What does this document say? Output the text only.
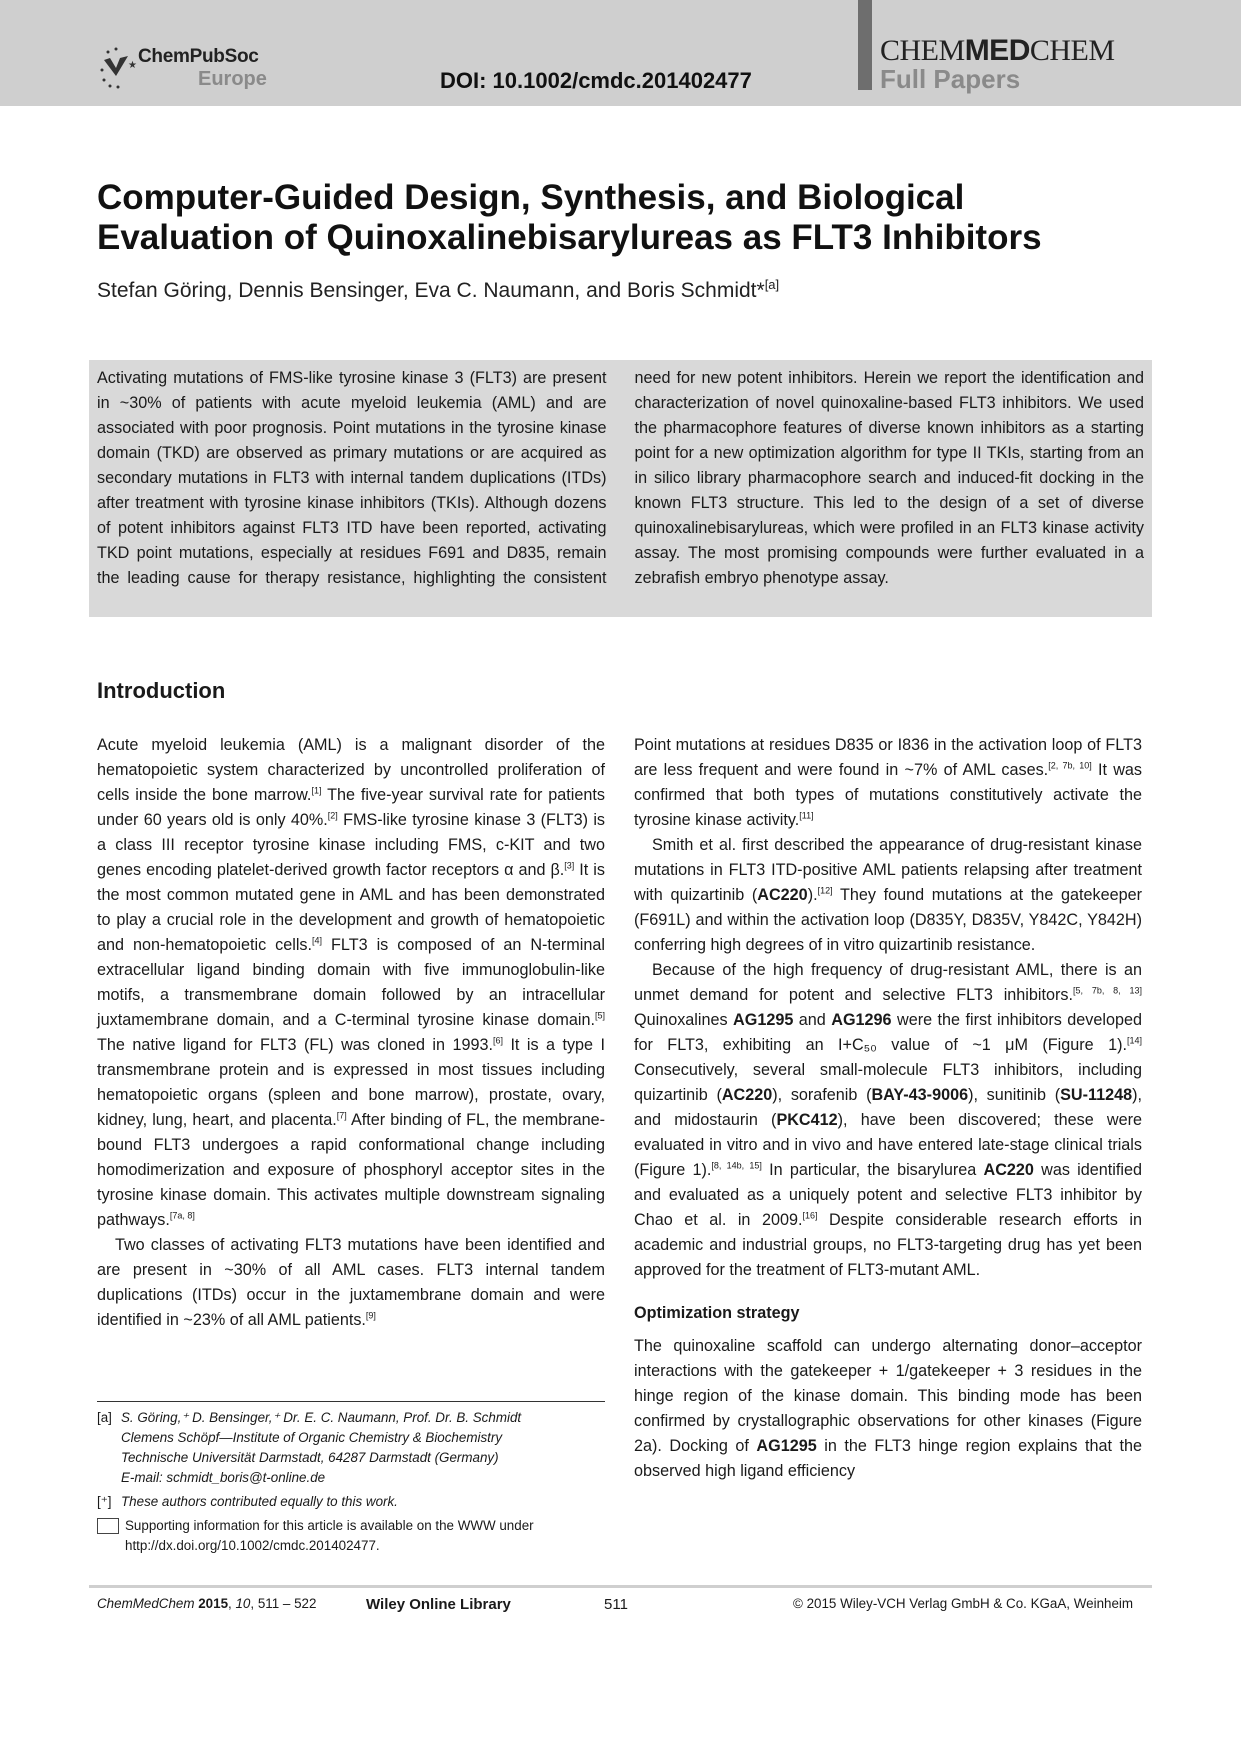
★ ChemPubSoc
Europe	DOI: 10.1002/cmdc.201402477
CHEMMEDCHEM
Full Papers
Computer-Guided Design, Synthesis, and Biological Evaluation of Quinoxalinebisarylureas as FLT3 Inhibitors
Stefan Göring, Dennis Bensinger, Eva C. Naumann, and Boris Schmidt*[a]
Activating mutations of FMS-like tyrosine kinase 3 (FLT3) are present in ~30% of patients with acute myeloid leukemia (AML) and are associated with poor prognosis. Point mutations in the tyrosine kinase domain (TKD) are observed as primary mutations or are acquired as secondary mutations in FLT3 with internal tandem duplications (ITDs) after treatment with tyrosine kinase inhibitors (TKIs). Although dozens of potent inhibitors against FLT3 ITD have been reported, activating TKD point mutations, especially at residues F691 and D835, remain the leading cause for therapy resistance, highlighting the consistent need for new potent inhibitors. Herein we report the identification and characterization of novel quinoxaline-based FLT3 inhibitors. We used the pharmacophore features of diverse known inhibitors as a starting point for a new optimization algorithm for type II TKIs, starting from an in silico library pharmacophore search and induced-fit docking in the known FLT3 structure. This led to the design of a set of diverse quinoxalinebisarylureas, which were profiled in an FLT3 kinase activity assay. The most promising compounds were further evaluated in a zebrafish embryo phenotype assay.
Introduction

Acute myeloid leukemia (AML) is a malignant disorder of the hematopoietic system characterized by uncontrolled proliferation of cells inside the bone marrow.[1] The five-year survival rate for patients under 60 years old is only 40%.[2] FMS-like tyrosine kinase 3 (FLT3) is a class III receptor tyrosine kinase including FMS, c-KIT and two genes encoding platelet-derived growth factor receptors α and β.[3] It is the most common mutated gene in AML and has been demonstrated to play a crucial role in the development and growth of hematopoietic and non-hematopoietic cells.[4] FLT3 is composed of an N-terminal extracellular ligand binding domain with five immunoglobulin-like motifs, a transmembrane domain followed by an intracellular juxtamembrane domain, and a C-terminal tyrosine kinase domain.[5] The native ligand for FLT3 (FL) was cloned in 1993.[6] It is a type I transmembrane protein and is expressed in most tissues including hematopoietic organs (spleen and bone marrow), prostate, ovary, kidney, lung, heart, and placenta.[7] After binding of FL, the membrane-bound FLT3 undergoes a rapid conformational change including homodimerization and exposure of phosphoryl acceptor sites in the tyrosine kinase domain. This activates multiple downstream signaling pathways.[7a, 8]

Two classes of activating FLT3 mutations have been identified and are present in ~30% of all AML cases. FLT3 internal tandem duplications (ITDs) occur in the juxtamembrane domain and were identified in ~23% of all AML patients.[9]

Point mutations at residues D835 or I836 in the activation loop of FLT3 are less frequent and were found in ~7% of AML cases.[2, 7b, 10] It was confirmed that both types of mutations constitutively activate the tyrosine kinase activity.[11]

Smith et al. first described the appearance of drug-resistant kinase mutations in FLT3 ITD-positive AML patients relapsing after treatment with quizartinib (AC220).[12] They found mutations at the gatekeeper (F691L) and within the activation loop (D835Y, D835V, Y842C, Y842H) conferring high degrees of in vitro quizartinib resistance.

Because of the high frequency of drug-resistant AML, there is an unmet demand for potent and selective FLT3 inhibitors.[5, 7b, 8, 13] Quinoxalines AG1295 and AG1296 were the first inhibitors developed for FLT3, exhibiting an I+C₅₀ value of ~1 μM (Figure 1).[14] Consecutively, several small-molecule FLT3 inhibitors, including quizartinib (AC220), sorafenib (BAY-43-9006), sunitinib (SU-11248), and midostaurin (PKC412), have been discovered; these were evaluated in vitro and in vivo and have entered late-stage clinical trials (Figure 1).[8, 14b, 15] In particular, the bisarylurea AC220 was identified and evaluated as a uniquely potent and selective FLT3 inhibitor by Chao et al. in 2009.[16] Despite considerable research efforts in academic and industrial groups, no FLT3-targeting drug has yet been approved for the treatment of FLT3-mutant AML.

Optimization strategy

The quinoxaline scaffold can undergo alternating donor–acceptor interactions with the gatekeeper + 1/gatekeeper + 3 residues in the hinge region of the kinase domain. This binding mode has been confirmed by crystallographic observations for other kinases (Figure 2a). Docking of AG1295 in the FLT3 hinge region explains that the observed high ligand efficiency

[a] S. Göring,⁺ D. Bensinger,⁺ Dr. E. C. Naumann, Prof. Dr. B. Schmidt
Clemens Schöpf—Institute of Organic Chemistry & Biochemistry
Technische Universität Darmstadt, 64287 Darmstadt (Germany)
E-mail: schmidt_boris@t-online.de
[⁺] These authors contributed equally to this work.
Supporting information for this article is available on the WWW under http://dx.doi.org/10.1002/cmdc.201402477.
ChemMedChem 2015, 10, 511 – 522	Wiley Online Library	511	© 2015 Wiley-VCH Verlag GmbH & Co. KGaA, Weinheim
